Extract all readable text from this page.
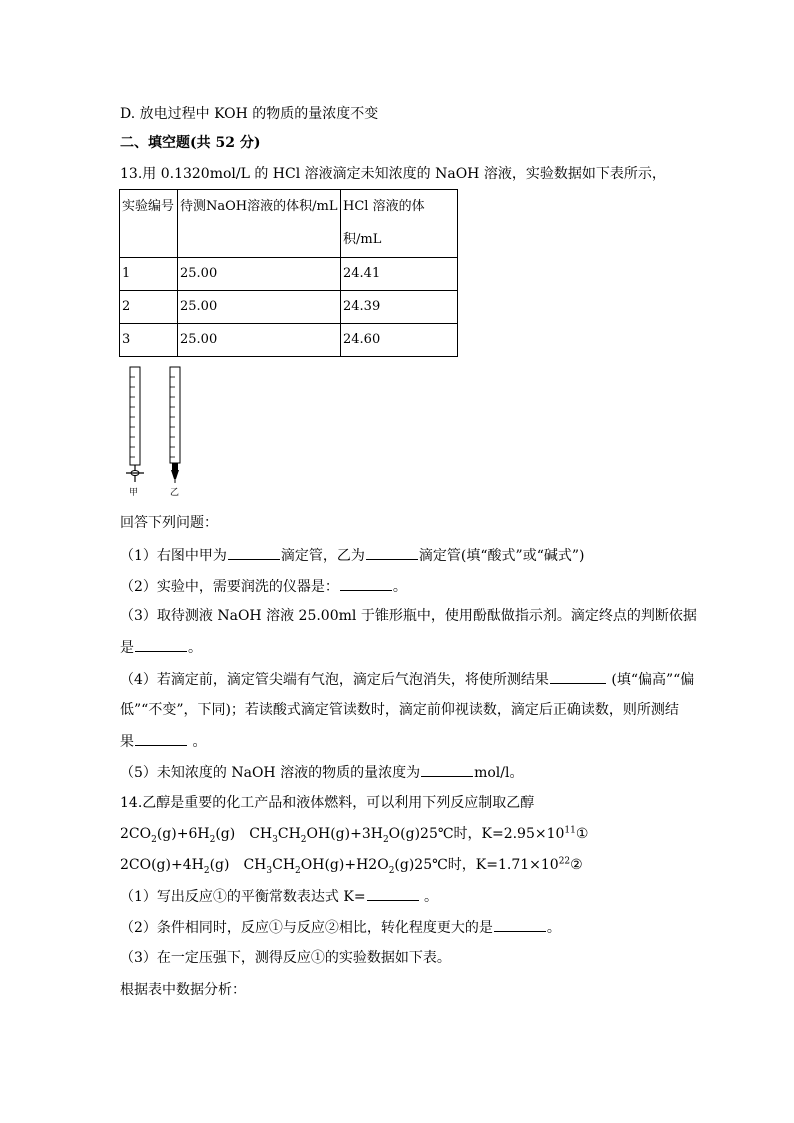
D. 放电过程中 KOH 的物质的量浓度不变
二、填空题(共 52 分)
13.用 0.1320mol/L 的 HCl 溶液滴定未知浓度的 NaOH 溶液，实验数据如下表所示，
实验编号	待测NaOH溶液的体积/mL	HCl 溶液的体积/mL
1	25.00	24.41
2	25.00	24.39
3	25.00	24.60
甲	乙
回答下列问题：
（1）右图中甲为	滴定管，乙为	滴定管(填“酸式”或“碱式”)
（2）实验中，需要润洗的仪器是：	。
（3）取待测液 NaOH 溶液 25.00ml 于锥形瓶中，使用酚酞做指示剂。滴定终点的判断依据
是	。
（4）若滴定前，滴定管尖端有气泡，滴定后气泡消失，将使所测结果	(填“偏高”“偏
低”“不变”，下同)；若读酸式滴定管读数时，滴定前仰视读数，滴定后正确读数，则所测结
果	。
（5）未知浓度的 NaOH 溶液的物质的量浓度为	mol/l。
14.乙醇是重要的化工产品和液体燃料，可以利用下列反应制取乙醇
$2CO_2(g)+6H_2(g)$　$CH_3CH_2OH(g)+3H_2O(g)25℃$时，$K=2.95\times 10^{11}①$
$2CO(g)+4H_2(g)$　$CH_3CH_2OH(g)+H2O_2(g)25℃$时，$K=1.71\times 10^{22}②$
（1）写出反应①的平衡常数表达式 K=	。
（2）条件相同时，反应①与反应②相比，转化程度更大的是	。
（3）在一定压强下，测得反应①的实验数据如下表。
根据表中数据分析：
